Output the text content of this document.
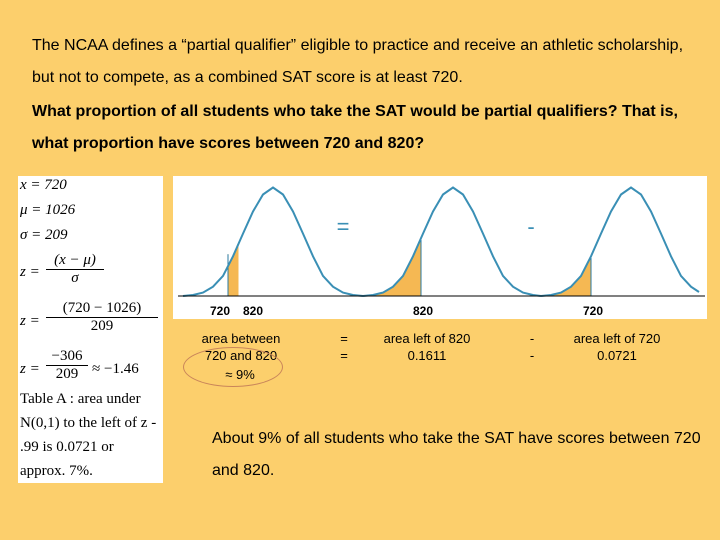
The NCAA defines a “partial qualifier” eligible to practice and receive an athletic scholarship, but not to compete, as a combined SAT score is at least 720.
What proportion of all students who take the SAT would be partial qualifiers? That is, what proportion have scores between 720 and 820?
x = 720
μ = 1026
σ = 209
$z = \frac{(x - \mu)}{\sigma}$
$z = \frac{(720 - 1026)}{209}$
$z = \frac{-306}{209} \approx -1.46$
Table A : area under N(0,1) to the left of z - .99 is 0.0721 or approx. 7%.
720 820
=
820
-
720
area between
720 and 820
≈ 9%
=
=
area left of 820
0.1611
-
-
area left of 720
0.0721
About 9% of all students who take the SAT have scores between 720 and 820.
